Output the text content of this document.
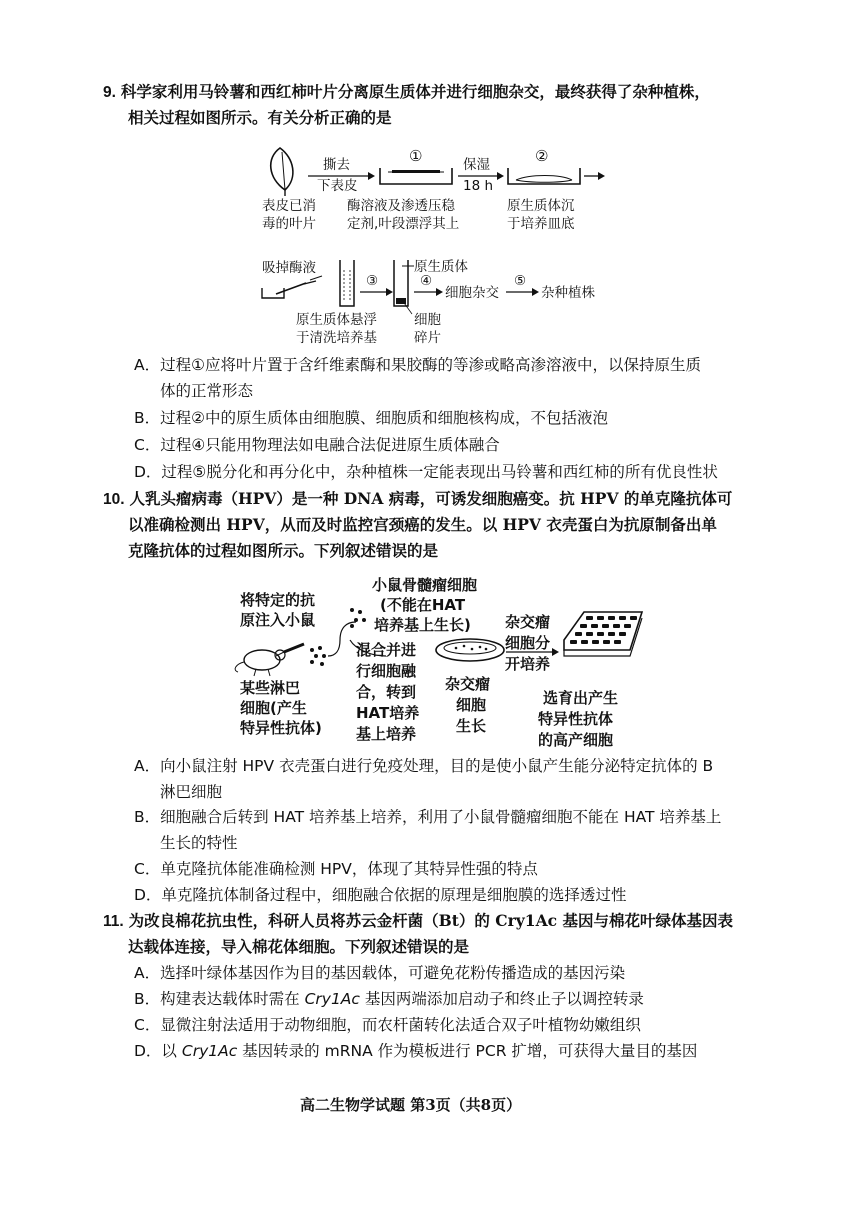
9. 科学家利用马铃薯和西红柿叶片分离原生质体并进行细胞杂交，最终获得了杂种植株，
相关过程如图所示。有关分析正确的是
表皮已消
毒的叶片
撕去
下表皮
①
酶溶液及渗透压稳
定剂,叶段漂浮其上
保湿
18 h
②
原生质体沉
于培养皿底
吸掉酶液
③
原生质体
原生质体悬浮
于清洗培养基
细胞
碎片
④
细胞杂交
⑤
杂种植株
A．过程①应将叶片置于含纤维素酶和果胶酶的等渗或略高渗溶液中，以保持原生质
体的正常形态
B．过程②中的原生质体由细胞膜、细胞质和细胞核构成，不包括液泡
C．过程④只能用物理法如电融合法促进原生质体融合
D．过程⑤脱分化和再分化中，杂种植株一定能表现出马铃薯和西红柿的所有优良性状
10. 人乳头瘤病毒（HPV）是一种 DNA 病毒，可诱发细胞癌变。抗 HPV 的单克隆抗体可
以准确检测出 HPV，从而及时监控宫颈癌的发生。以 HPV 衣壳蛋白为抗原制备出单
克隆抗体的过程如图所示。下列叙述错误的是
将特定的抗
原注入小鼠
小鼠骨髓瘤细胞
(不能在HAT
培养基上生长)
混合并进
行细胞融
合，转到
HAT培养
基上培养
某些淋巴
细胞(产生
特异性抗体)
杂交瘤
细胞
生长
杂交瘤
细胞分
开培养
选育出产生
特异性抗体
的高产细胞
A．向小鼠注射 HPV 衣壳蛋白进行免疫处理，目的是使小鼠产生能分泌特定抗体的 B
淋巴细胞
B．细胞融合后转到 HAT 培养基上培养，利用了小鼠骨髓瘤细胞不能在 HAT 培养基上
生长的特性
C．单克隆抗体能准确检测 HPV，体现了其特异性强的特点
D．单克隆抗体制备过程中，细胞融合依据的原理是细胞膜的选择透过性
11. 为改良棉花抗虫性，科研人员将苏云金杆菌（Bt）的 Cry1Ac 基因与棉花叶绿体基因表
达载体连接，导入棉花体细胞。下列叙述错误的是
A．选择叶绿体基因作为目的基因载体，可避免花粉传播造成的基因污染
B．构建表达载体时需在 Cry1Ac 基因两端添加启动子和终止子以调控转录
C．显微注射法适用于动物细胞，而农杆菌转化法适合双子叶植物幼嫩组织
D．以 Cry1Ac 基因转录的 mRNA 作为模板进行 PCR 扩增，可获得大量目的基因
高二生物学试题 第3页（共8页）
